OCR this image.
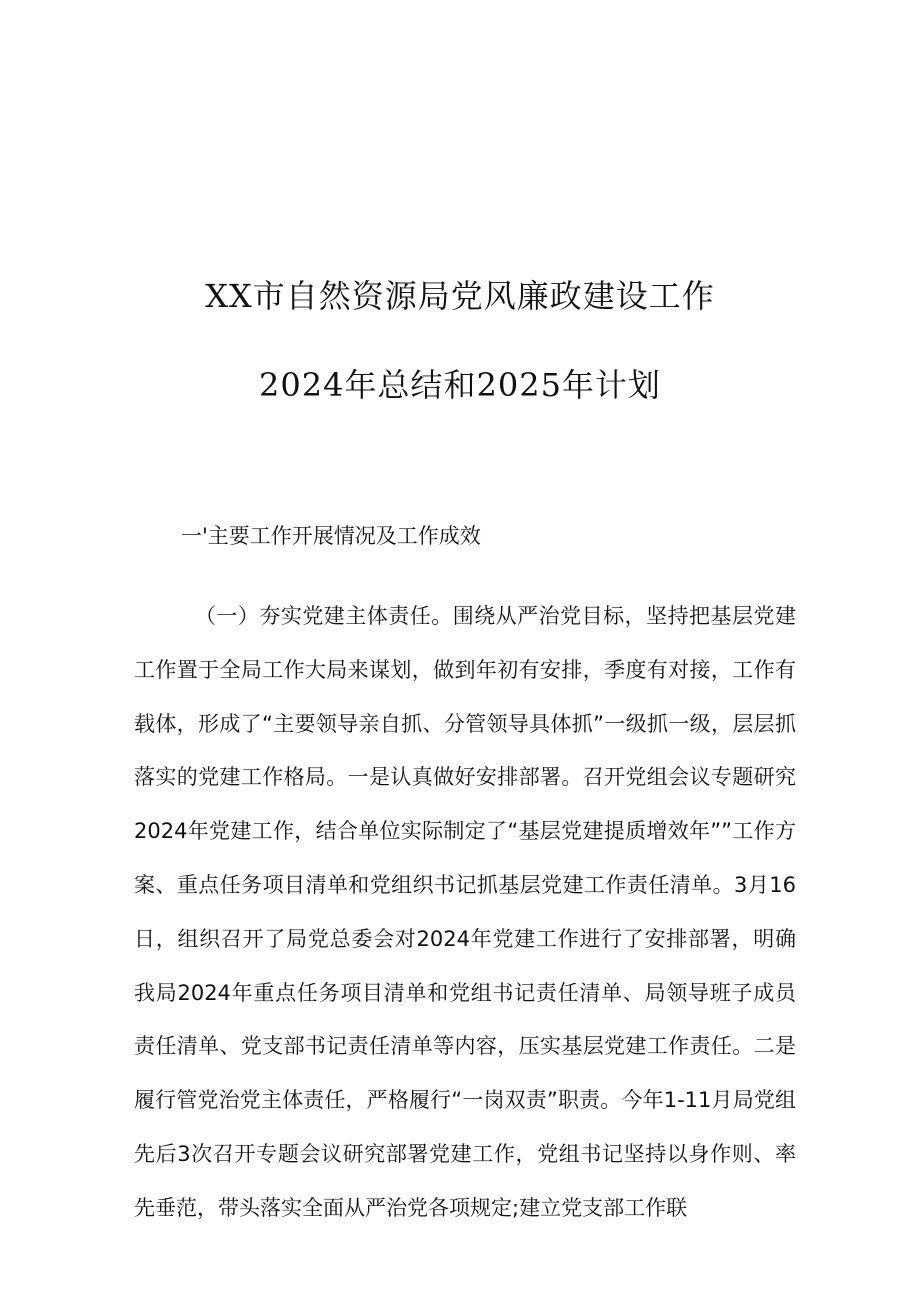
XX市自然资源局党风廉政建设工作
2024年总结和2025年计划
一'主要工作开展情况及工作成效

（一）夯实党建主体责任。围绕从严治党目标，坚持把基层党建工作置于全局工作大局来谋划，做到年初有安排，季度有对接，工作有载体，形成了“主要领导亲自抓、分管领导具体抓”一级抓一级，层层抓落实的党建工作格局。一是认真做好安排部署。召开党组会议专题研究2024年党建工作，结合单位实际制定了“基层党建提质增效年””工作方案、重点任务项目清单和党组织书记抓基层党建工作责任清单。3月16日，组织召开了局党总委会对2024年党建工作进行了安排部署，明确我局2024年重点任务项目清单和党组书记责任清单、局领导班子成员责任清单、党支部书记责任清单等内容，压实基层党建工作责任。二是履行管党治党主体责任，严格履行“一岗双责”职责。今年1-11月局党组先后3次召开专题会议研究部署党建工作，党组书记坚持以身作则、率先垂范，带头落实全面从严治党各项规定;建立党支部工作联
